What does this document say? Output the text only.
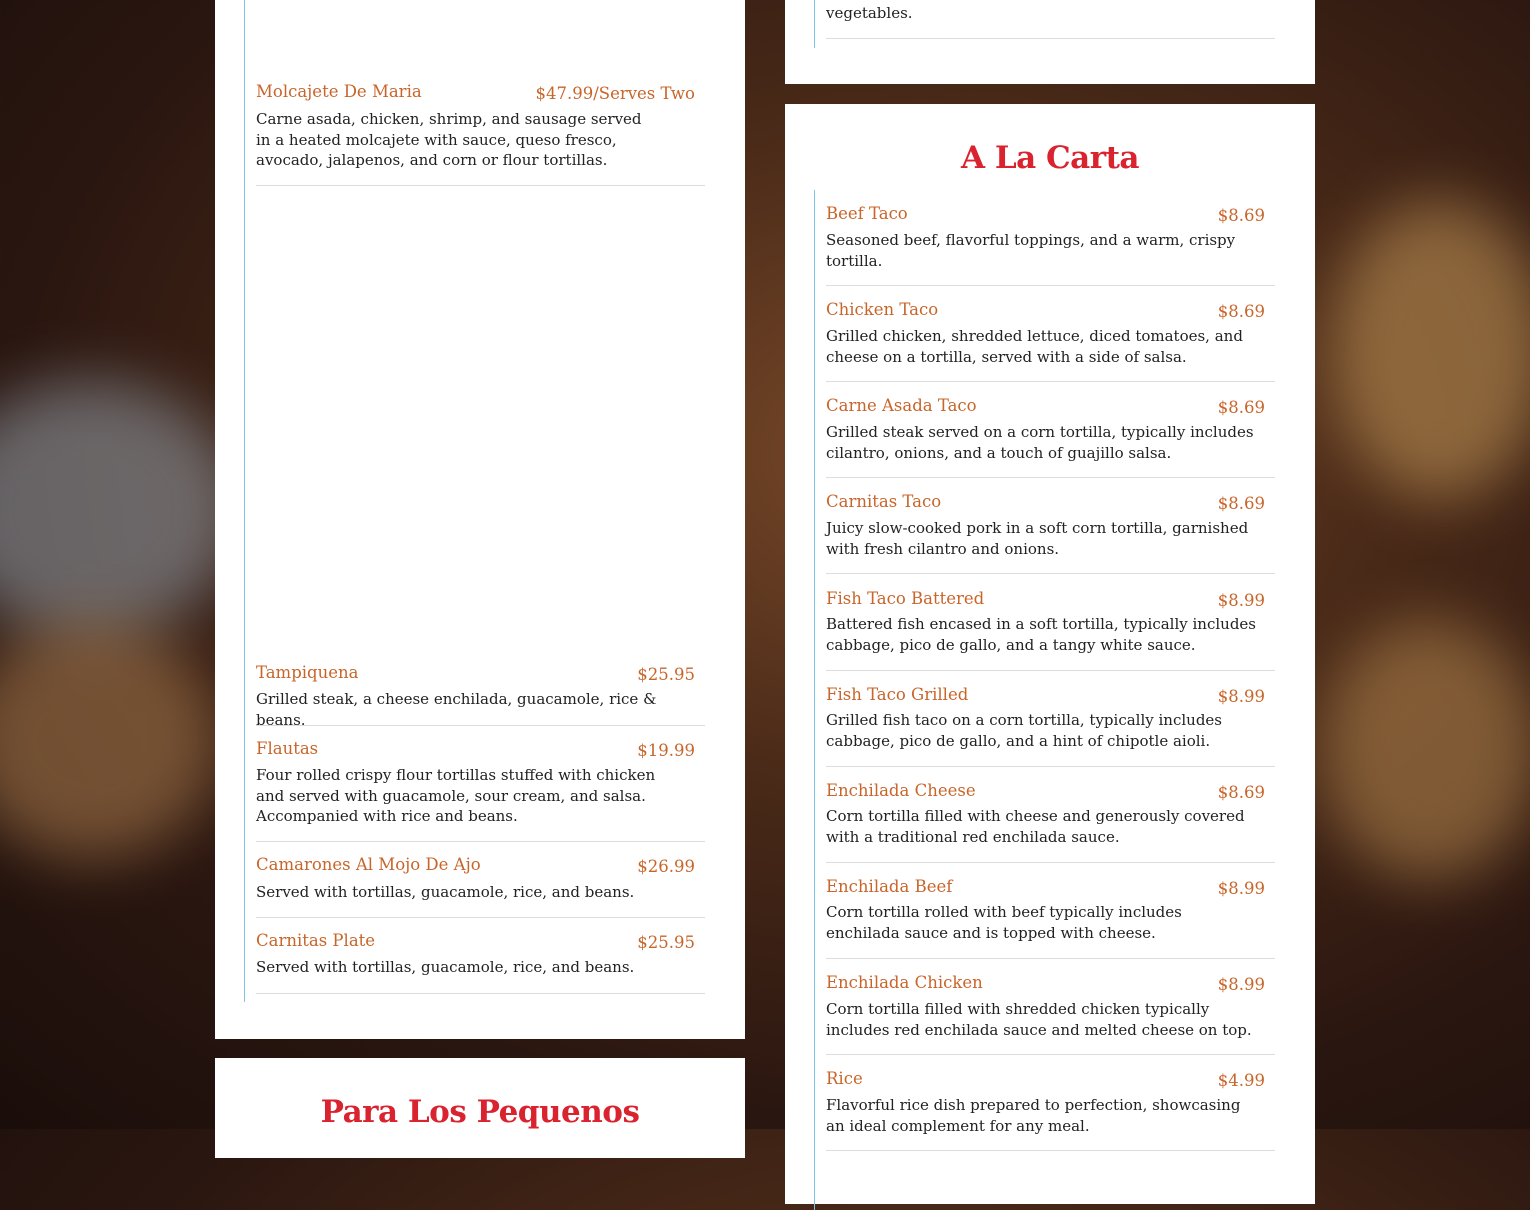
Molcajete De Maria	$47.99/Serves Two
Carne asada, chicken, shrimp, and sausage served in a heated molcajete with sauce, queso fresco, avocado, jalapenos, and corn or flour tortillas.
Tampiquena	$25.95
Grilled steak, a cheese enchilada, guacamole, rice & beans.
Flautas	$19.99
Four rolled crispy flour tortillas stuffed with chicken and served with guacamole, sour cream, and salsa. Accompanied with rice and beans.
Camarones Al Mojo De Ajo	$26.99
Served with tortillas, guacamole, rice, and beans.
Carnitas Plate	$25.95
Served with tortillas, guacamole, rice, and beans.
Para Los Pequenos
vegetables.
A La Carta
Beef Taco	$8.69
Seasoned beef, flavorful toppings, and a warm, crispy tortilla.
Chicken Taco	$8.69
Grilled chicken, shredded lettuce, diced tomatoes, and cheese on a tortilla, served with a side of salsa.
Carne Asada Taco	$8.69
Grilled steak served on a corn tortilla, typically includes cilantro, onions, and a touch of guajillo salsa.
Carnitas Taco	$8.69
Juicy slow-cooked pork in a soft corn tortilla, garnished with fresh cilantro and onions.
Fish Taco Battered	$8.99
Battered fish encased in a soft tortilla, typically includes cabbage, pico de gallo, and a tangy white sauce.
Fish Taco Grilled	$8.99
Grilled fish taco on a corn tortilla, typically includes cabbage, pico de gallo, and a hint of chipotle aioli.
Enchilada Cheese	$8.69
Corn tortilla filled with cheese and generously covered with a traditional red enchilada sauce.
Enchilada Beef	$8.99
Corn tortilla rolled with beef typically includes enchilada sauce and is topped with cheese.
Enchilada Chicken	$8.99
Corn tortilla filled with shredded chicken typically includes red enchilada sauce and melted cheese on top.
Rice	$4.99
Flavorful rice dish prepared to perfection, showcasing an ideal complement for any meal.
